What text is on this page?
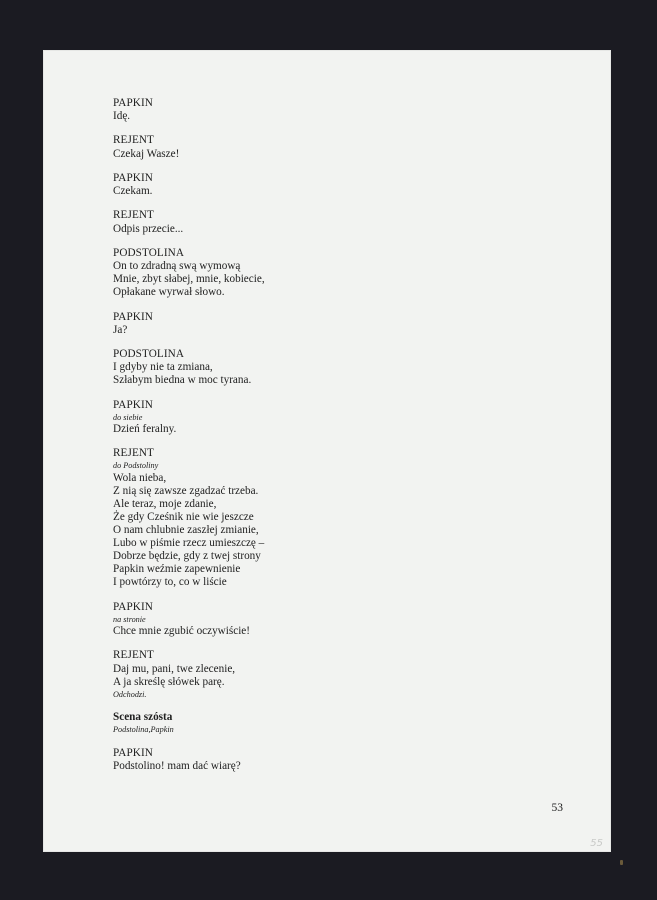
PAPKIN
Idę.
REJENT
Czekaj Wasze!
PAPKIN
Czekam.
REJENT
Odpis przecie...
PODSTOLINA
On to zdradną swą wymową
Mnie, zbyt słabej, mnie, kobiecie,
Opłakane wyrwał słowo.
PAPKIN
Ja?
PODSTOLINA
I gdyby nie ta zmiana,
Szłabym biedna w moc tyrana.
PAPKIN
do siebie
Dzień feralny.
REJENT
do Podstoliny
Wola nieba,
Z nią się zawsze zgadzać trzeba.
Ale teraz, moje zdanie,
Że gdy Cześnik nie wie jeszcze
O nam chlubnie zaszłej zmianie,
Lubo w piśmie rzecz umieszczę –
Dobrze będzie, gdy z twej strony
Papkin weźmie zapewnienie
I powtórzy to, co w liście
PAPKIN
na stronie
Chce mnie zgubić oczywiście!
REJENT
Daj mu, pani, twe zlecenie,
A ja skreślę słówek parę.
Odchodzi.
Scena szósta
Podstolina,Papkin
PAPKIN
Podstolino! mam dać wiarę?
53
55
